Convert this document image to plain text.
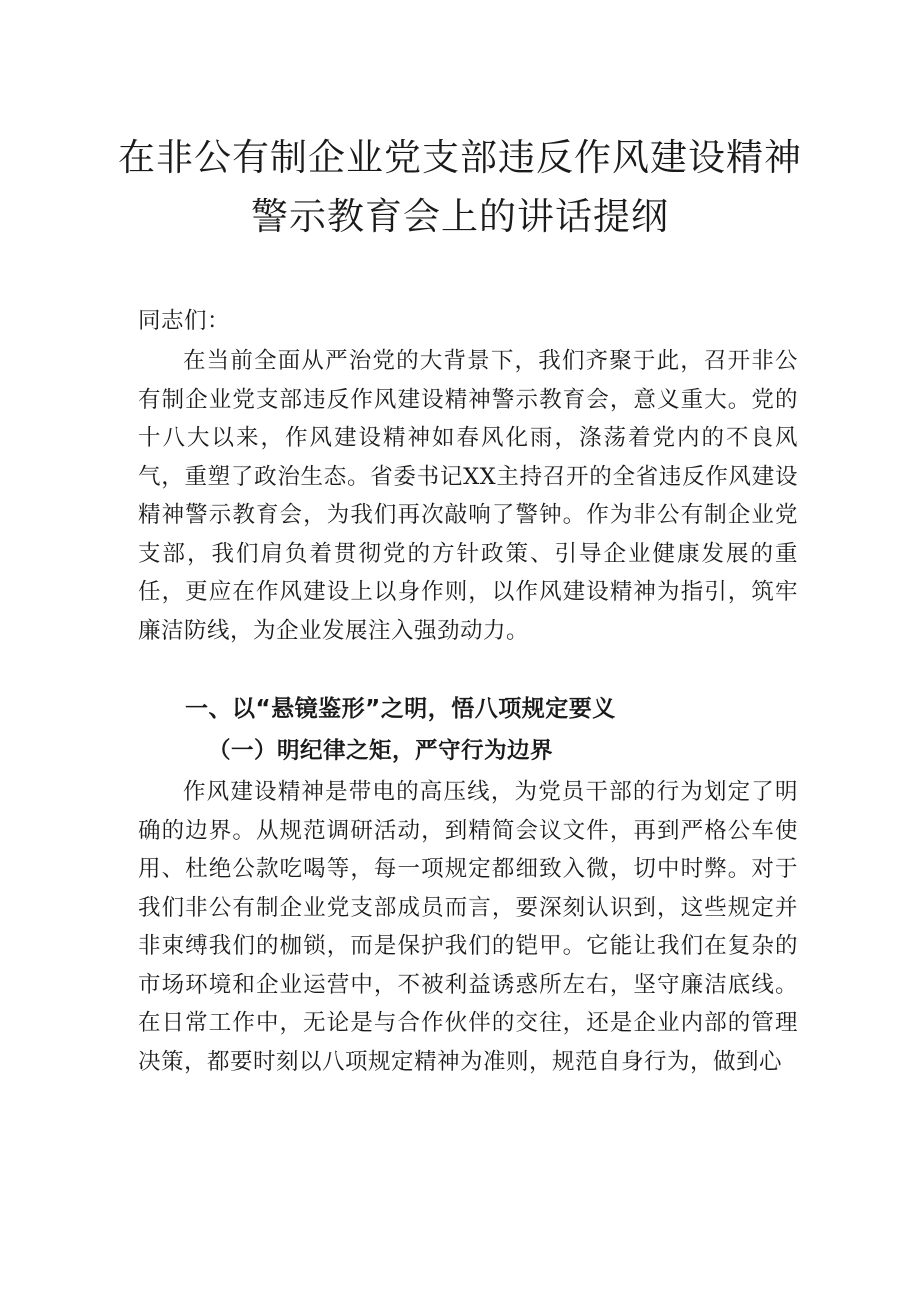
在非公有制企业党支部违反作风建设精神
警示教育会上的讲话提纲

同志们：

在当前全面从严治党的大背景下，我们齐聚于此，召开非公有制企业党支部违反作风建设精神警示教育会，意义重大。党的十八大以来，作风建设精神如春风化雨，涤荡着党内的不良风气，重塑了政治生态。省委书记XX主持召开的全省违反作风建设精神警示教育会，为我们再次敲响了警钟。作为非公有制企业党支部，我们肩负着贯彻党的方针政策、引导企业健康发展的重任，更应在作风建设上以身作则，以作风建设精神为指引，筑牢廉洁防线，为企业发展注入强劲动力。

一、以“悬镜鉴形”之明，悟八项规定要义
（一）明纪律之矩，严守行为边界

作风建设精神是带电的高压线，为党员干部的行为划定了明确的边界。从规范调研活动，到精简会议文件，再到严格公车使用、杜绝公款吃喝等，每一项规定都细致入微，切中时弊。对于我们非公有制企业党支部成员而言，要深刻认识到，这些规定并非束缚我们的枷锁，而是保护我们的铠甲。它能让我们在复杂的市场环境和企业运营中，不被利益诱惑所左右，坚守廉洁底线。在日常工作中，无论是与合作伙伴的交往，还是企业内部的管理决策，都要时刻以八项规定精神为准则，规范自身行为，做到心
